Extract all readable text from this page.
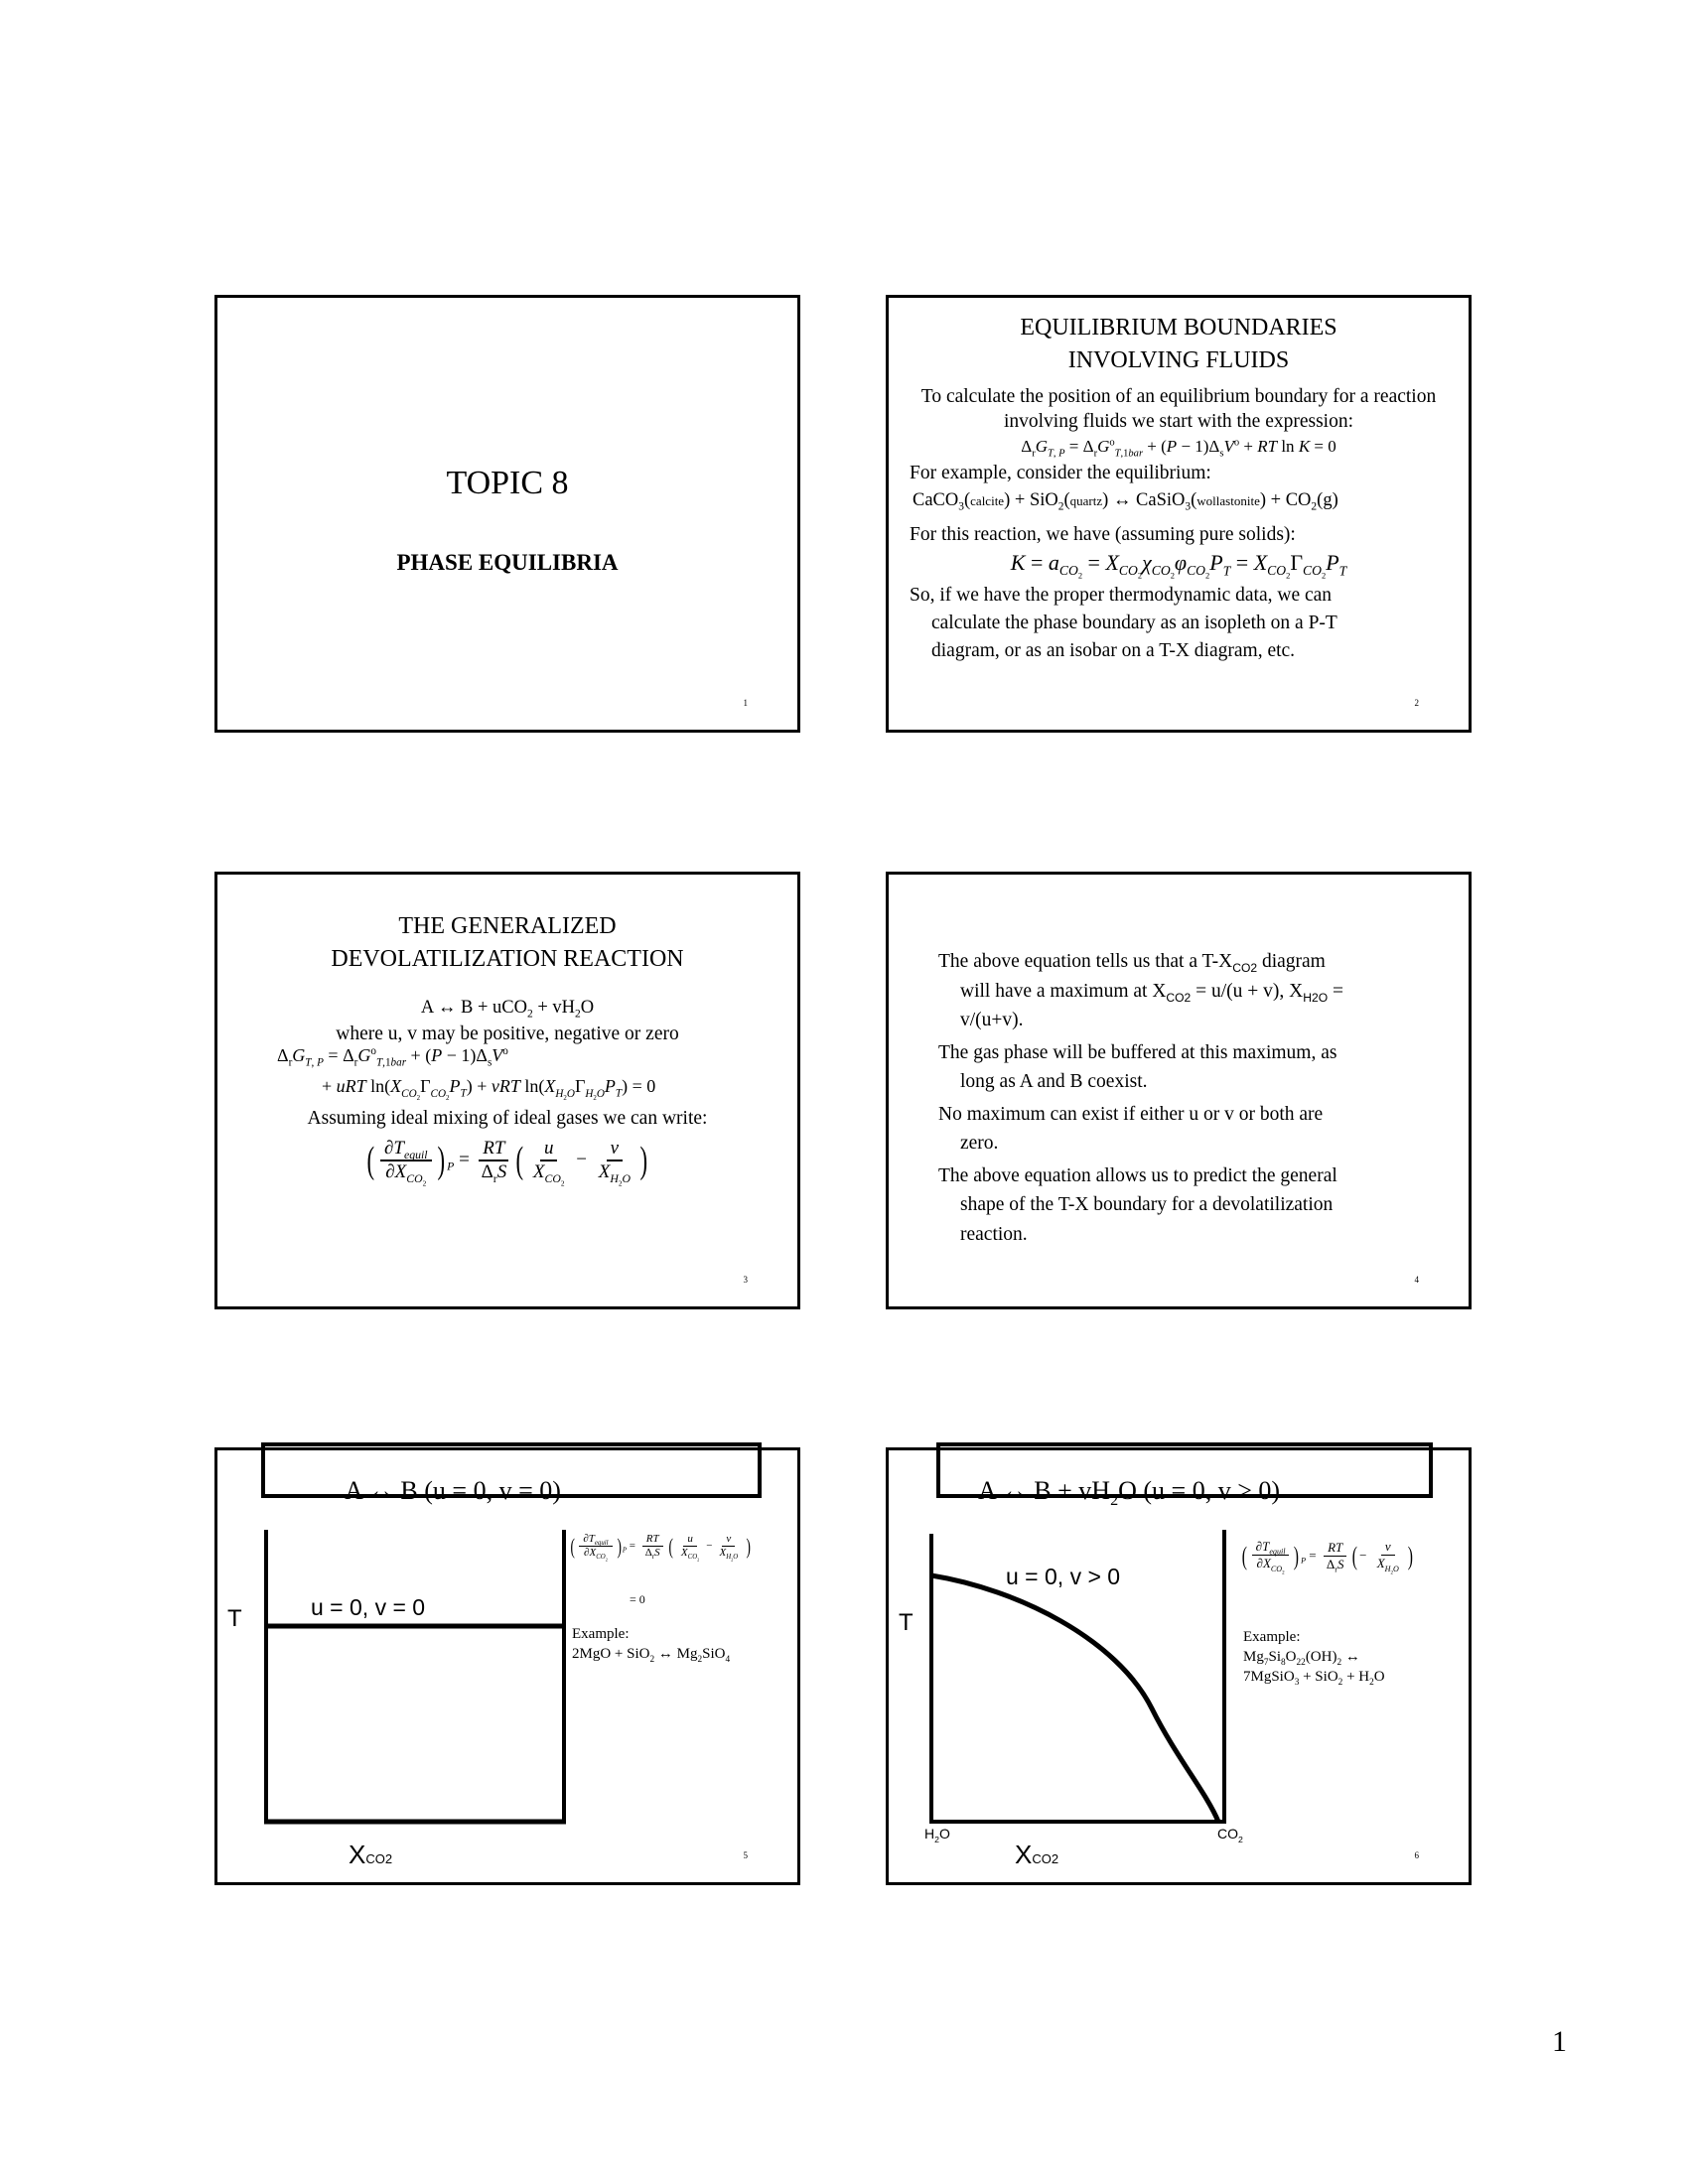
TOPIC 8
PHASE EQUILIBRIA
1
EQUILIBRIUM BOUNDARIES
INVOLVING FLUIDS
To calculate the position of an equilibrium boundary for a reaction involving fluids we start with the expression:
$\Delta_rG_{T, P} = \Delta_rG^o_{T,1bar} + (P - 1)\Delta_sV^o$ + RT ln K = 0
For example, consider the equilibrium:
CaCO$_3$(calcite) + SiO$_2$(quartz) ↔ CaSiO$_3$(wollastonite) + $CO_2(g)$
For this reaction, we have (assuming pure solids):
$K = a_{CO_2} = X_{CO_2}\chi_{CO_2}\varphi_{CO_2}P_T = X_{CO_2}\Gamma_{CO_2}P_T$
So, if we have the proper thermodynamic data, we can
calculate the phase boundary as an isopleth on a P-T
diagram, or as an isobar on a T-X diagram, etc.
2
THE GENERALIZED
DEVOLATILIZATION REACTION
A ↔ $B + uCO_2 + vH_2O$
where u, v may be positive, negative or zero
$\Delta_rG_{T, P} = \Delta_rG^o_{T,1bar} + (P - 1)\Delta_sV^o$
+ uRT $\ln(X_{CO_2}\Gamma_{CO_2}P_T)$ + vRT $\ln(X_{H_2O}\Gamma_{H_2O}P_T) = 0$
Assuming ideal mixing of ideal gases we can write:
( $\frac{\partial T_{equil}}{\partial X_{CO_2}}$ ) $_P = \frac{RT}{\Delta_rS}$ ( $\frac{u}{X_{CO_2}} - \frac{v}{X_{H_2O}}$ )
3
The above equation tells us that a $T-X_{CO2}$ diagram
will have a maximum at $X_{CO2} = u/(u + v)$, $X_{H2O}$ =
v/(u+v).
The gas phase will be buffered at this maximum, as
long as A and B coexist.
No maximum can exist if either u or v or both are
zero.
The above equation allows us to predict the general
shape of the T-X boundary for a devolatilization
reaction.
4
A ↔ B (u = 0, v = 0)
T	u = 0, v = 0
XCO2
( $\frac{\partial T_{equil}}{\partial X_{CO_2}} )_P = \frac{RT}{\Delta_rS}$ ( $\frac{u}{X_{CO_2}} - \frac{v}{X_{H_2O}}$ )
= 0
Example:
2MgO + SiO$_2$ ↔ $Mg_2SiO_4$
5
A ↔ $B + vH_2O$ (u = 0, v > 0)
T
u = 0, v > 0
$H_2O$	$CO_2$
XCO2
( $\frac{\partial T_{equil}}{\partial X_{CO_2}}$ ) $_P = \frac{RT}{\Delta_rS}$ ( − $\frac{v}{X_{H_2O}}$ )
Example:
$Mg_7Si_8O_{22}(OH)_2$ ↔
7MgSiO$_3$ + $SiO_2 + H_2O$
6
1
